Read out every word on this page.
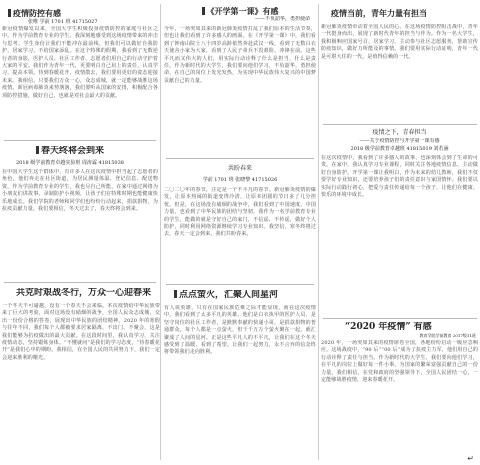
疫情防控有感
张唯 学前 1701 班 41715027
新冠疫情爆发以来，全国大学生积极投身疫情防控的家庭与社区之中。作为学前教育专业的学生，我深刻地感受到这场疫情带来的冲击与思考。学生身份让我们不能冲在最前线，但我们可以做好自我防护，居家学习，不给国家添乱。在这个特殊的假期，我看到了无数逆行者的身影，医护人员、社区工作者、志愿者们用自己的行动守护着大家的平安。我们作为青年一代，更要明白自己肩上的责任，认真学习，提高本领。待到春暖花开，疫情散去，我们要用更好的姿态迎接未来。我相信，只要我们万众一心，众志成城，就一定能够战胜这场疫情。新冠病毒肺炎来势汹汹，我们要听从国家的安排，积极配合各项防控措施，做好自己，也就是对社会最大的贡献。
春天终将会到来
2018 级学前教育卓越实验班 周涛霖 41815038
在中国大学生这个群体中，有许多人在这次疫情中担当起了志愿者的角色，他们奔走在社区街道，为居民测量体温、登记信息、配送物资。作为学前教育专业的学生，我也尽自己所能，在家中通过网络为小朋友们讲故事、录制防护小视频，让孩子们在特殊时期也能健康快乐地成长。我们学院的老师和同学们也纷纷行动起来，捐款捐物，为抗疫贡献力量。我们要相信，冬天过去了，春天终将会到来。
共克时艰战冬行，万众一心迎春来
一个冬天不可逾越，没有一个春天不会来临。本次疫情给中华民族带来了巨大的考验，面对这场没有硝烟的战争，全国人民众志成城，交出一份份合格的答卷，展现出中华民族的团结精神。2020 年的寒假与往年不同，我们每个人都被要求居家隔离，不出门、不聚会，这是我们能够为抗疫做出的最大贡献。在这段时间里，我认真学习，关注疫情动态，坚持锻炼身体。“不懂就问”是我们的学习态度，“待春暖花开”是我们心中的期盼。我相信，在全国人民的共同努力下，我们一定会迎来胜利的曙光。
《开学第一课》有感
——不负韶华，勇担使命
今年，一场突如其来的新冠肺炎疫情打乱了我们原本的生活节奏，但也让我们看到了许多感人的画面。在《开学第一课》中，我们看到了钟南山院士八十四岁高龄依然奔赴武汉一线，看到了无数白衣天使舍小家为大家，看到了人民子弟兵不畏艰险、冲锋在前。这些平凡而又伟大的人们，用实际行动诠释了什么是担当，什么是责任。作为新时代的大学生，我们要向他们学习，不负韶华，勇担使命，在自己的岗位上发光发热，为实现中华民族伟大复兴的中国梦贡献自己的力量。
共盼春来
学前 1701 班 张晓黎 41715026
二〇二〇年的春节，注定是一个不平凡的春节。新冠肺炎疫情的爆发，让原本热闹的街道变得冷清，让原本团圆的节日多了几分担忧。但是，在这场没有硝烟的战争中，我们看到了中国速度、中国力量，也看到了中华民族的团结与坚韧。我作为一名学前教育专业的学生，能做的就是守好自己的家门，不信谣、不传谣，做好个人防护，同时利用网络资源继续学习专业知识。我坚信，寒冬终将过去，春天一定会到来，我们共盼春来。
点点萤火，汇聚人间星河
有人说英雄，只有在国家民族危难之际才能显现，而在这次疫情中，我们看到了太多平凡的英雄。他们是白衣执甲的医护人员，是坚守岗位的社区工作者，是默默奉献的快递小哥，是捐款捐物的普通群众。每个人都是一点萤火，但千千万万个萤火聚在一起，就汇聚成了人间的星河。正是这些平凡人的不平凡，让我们在这个冬天感受到了温暖，看到了希望。让我们一起努力，永不言弃的信念终将带领我们走向胜利。
疫情当前，青年力量有担当
新冠肺炎疫情牵动着全国人民的心。在这场疫情防控阻击战中，青年一代挺身而出，展现了新时代青年的担当与作为。作为一名大学生，我积极响应国家号召，居家学习，主动参与社区志愿服务，帮助宣传防疫知识，做好力所能及的事情。我们要用实际行动证明，青年一代是可堪大任的一代，是值得信赖的一代。
疫情之下，青春担当
——关于疫情防控与开学第一课有感
2018 级学前教育卓越班 41815019 刘若涵
在这次疫情中，我看到了许多感人的故事，也深刻体会到了生命的可贵。在家中，我认真学习专业课程，同时关注各地疫情信息，主动做好自身防护。开学第一课让我明白，作为未来的幼儿教师，我们不仅要学好专业知识，还要培养孩子们的责任意识与家国情怀。我们要以实际行动践行初心，把爱与责任传递给每一个孩子，让他们在健康、快乐的环境中成长。
“2020 年疫情” 有感
教育学院学前教育 2017级11班
2020 年，一场突如其来的疫情席卷全国，各地纷纷启动一级应急响应。这场战疫中，“90 后”“00 后”成为了抗疫主力军，他们用自己的行动诠释了责任与担当。作为新时代的大学生，我们要向他们学习，在平凡的岗位上做好每一件小事，为国家的繁荣富强贡献自己的一份力量。我们相信，在党和政府的坚强领导下，全国人民团结一心，一定能够战胜疫情，迎来春暖花开。
↵
